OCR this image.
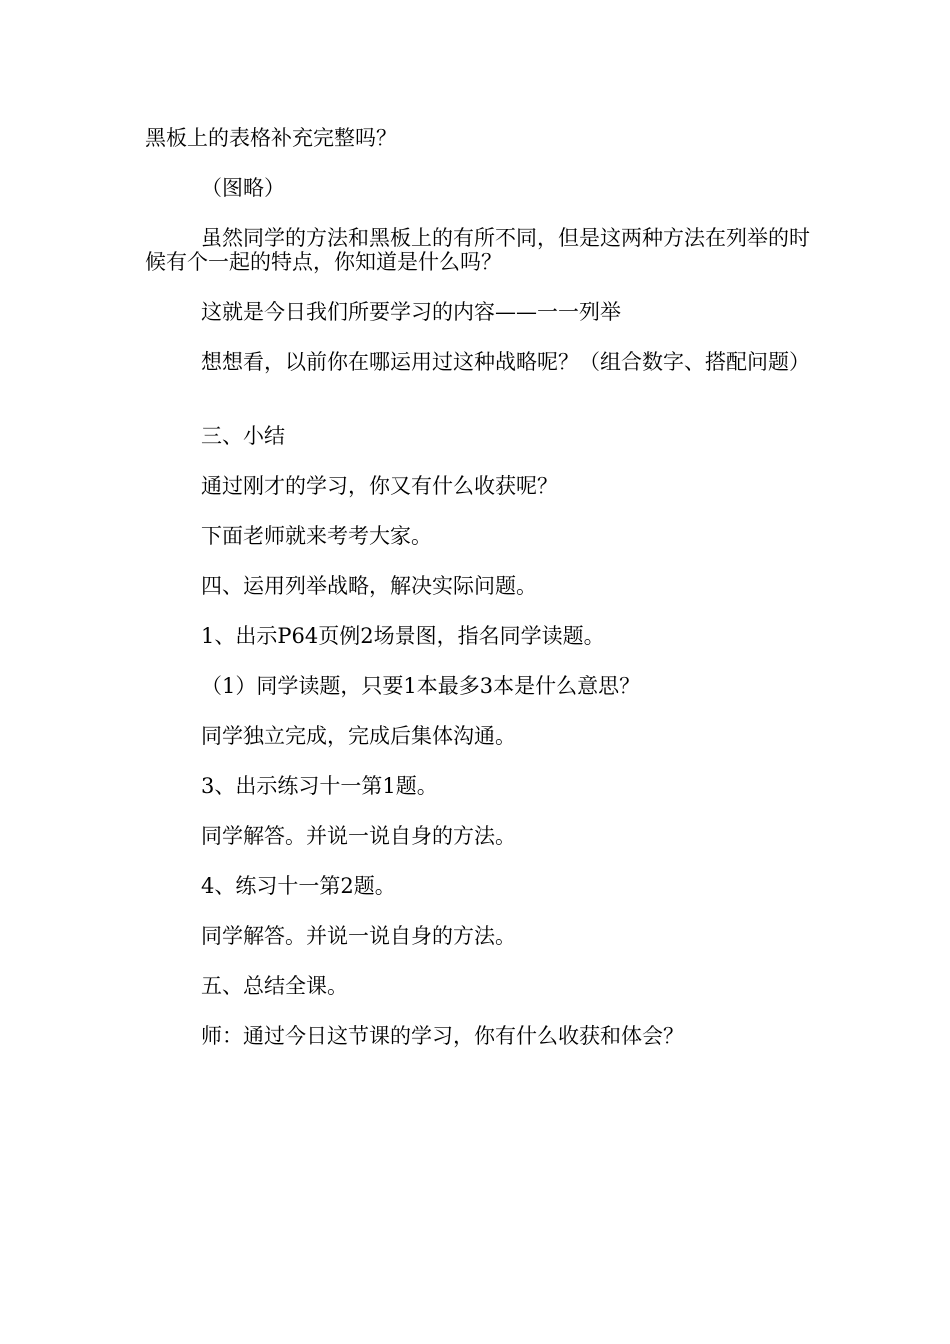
黑板上的表格补充完整吗？

（图略）

虽然同学的方法和黑板上的有所不同，但是这两种方法在列举的时候有个一起的特点，你知道是什么吗？

这就是今日我们所要学习的内容——一一列举

想想看，以前你在哪运用过这种战略呢？（组合数字、搭配问题）

三、小结

通过刚才的学习，你又有什么收获呢？

下面老师就来考考大家。

四、运用列举战略，解决实际问题。

1、出示P64页例2场景图，指名同学读题。

（1）同学读题，只要1本最多3本是什么意思？

同学独立完成，完成后集体沟通。

3、出示练习十一第1题。

同学解答。并说一说自身的方法。

4、练习十一第2题。

同学解答。并说一说自身的方法。

五、总结全课。

师：通过今日这节课的学习，你有什么收获和体会？
